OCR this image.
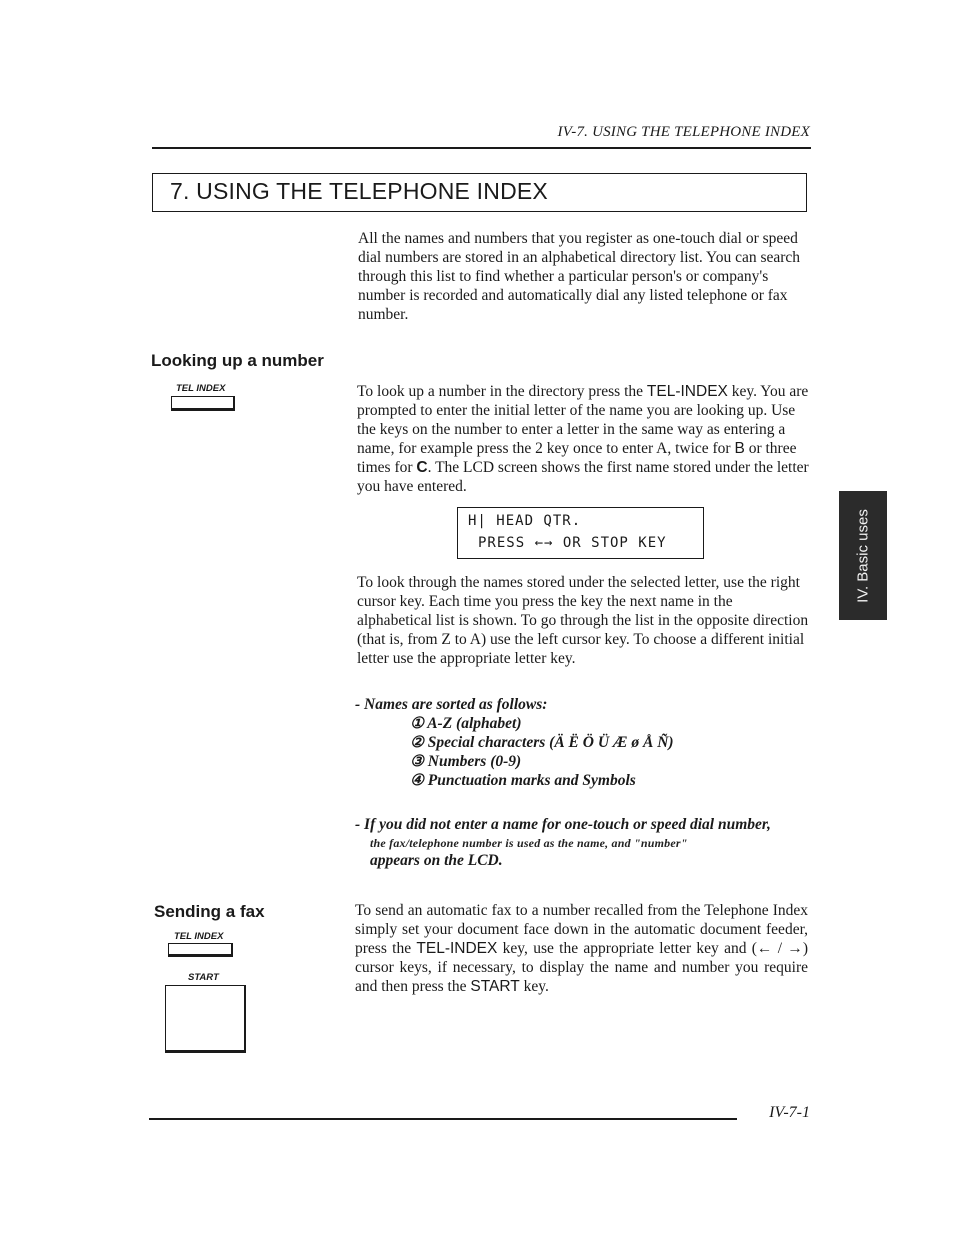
IV-7. USING THE TELEPHONE INDEX
7. USING THE TELEPHONE INDEX
All the names and numbers that you register as one-touch dial or speed dial numbers are stored in an alphabetical directory list. You can search through this list to find whether a particular person's or company's number is recorded and automatically dial any listed telephone or fax number.
Looking up a number
TEL INDEX	To look up a number in the directory press the TEL-INDEX key. You are prompted to enter the initial letter of the name you are looking up. Use the keys on the number to enter a letter in the same way as entering a name, for example press the 2 key once to enter A, twice for B or three times for C. The LCD screen shows the first name stored under the letter you have entered.
H| HEAD QTR.
PRESS ←→ OR STOP KEY
To look through the names stored under the selected letter, use the right cursor key. Each time you press the key the next name in the alphabetical list is shown. To go through the list in the opposite direction (that is, from Z to A) use the left cursor key. To choose a different initial letter use the appropriate letter key.
- Names are sorted as follows:
① A-Z (alphabet)
② Special characters (Ä Ë Ö Ü Æ ø Å Ñ)
③ Numbers (0-9)
④ Punctuation marks and Symbols
- If you did not enter a name for one-touch or speed dial number,
the fax/telephone number is used as the name, and "number"
appears on the LCD.
Sending a fax
TEL INDEX
START
To send an automatic fax to a number recalled from the Telephone Index simply set your document face down in the automatic document feeder, press the TEL-INDEX key, use the appropriate letter key and (← / →) cursor keys, if necessary, to display the name and number you require and then press the START key.
IV. Basic uses
IV-7-1
